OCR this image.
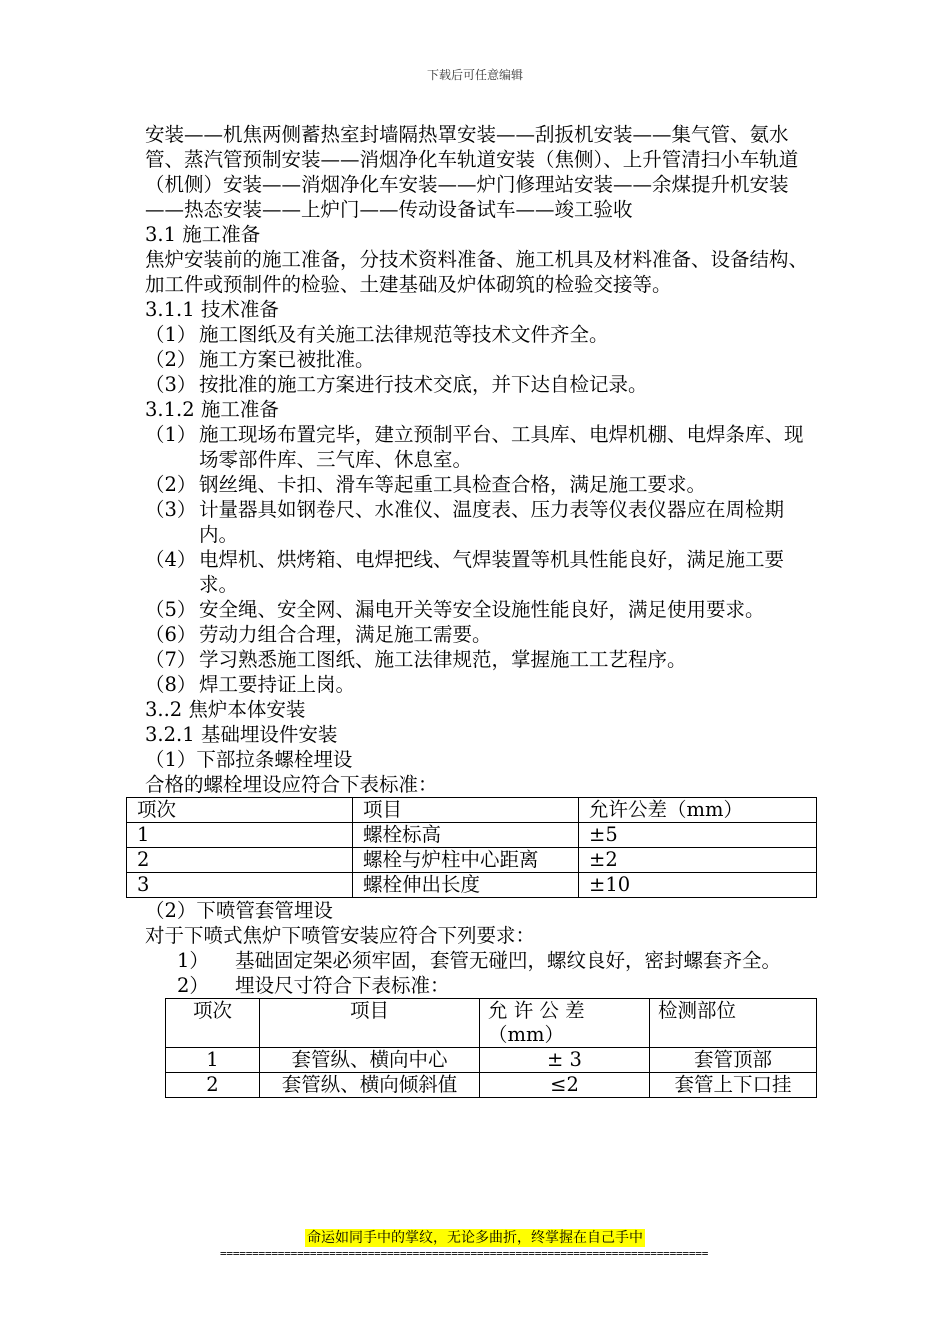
下载后可任意编辑

安装——机焦两侧蓄热室封墙隔热罩安装——刮扳机安装——集气管、氨水管、蒸汽管预制安装——消烟净化车轨道安装（焦侧）、上升管清扫小车轨道（机侧）安装——消烟净化车安装——炉门修理站安装——余煤提升机安装——热态安装——上炉门——传动设备试车——竣工验收

3.1 施工准备

焦炉安装前的施工准备，分技术资料准备、施工机具及材料准备、设备结构、加工件或预制件的检验、土建基础及炉体砌筑的检验交接等。

3.1.1 技术准备

（1） 施工图纸及有关施工法律规范等技术文件齐全。
（2） 施工方案已被批准。
（3） 按批准的施工方案进行技术交底，并下达自检记录。

3.1.2 施工准备

（1） 施工现场布置完毕，建立预制平台、工具库、电焊机棚、电焊条库、现场零部件库、三气库、休息室。
（2） 钢丝绳、卡扣、滑车等起重工具检查合格，满足施工要求。
（3） 计量器具如钢卷尺、水准仪、温度表、压力表等仪表仪器应在周检期内。
（4） 电焊机、烘烤箱、电焊把线、气焊装置等机具性能良好，满足施工要求。
（5） 安全绳、安全网、漏电开关等安全设施性能良好，满足使用要求。
（6） 劳动力组合合理，满足施工需要。
（7） 学习熟悉施工图纸、施工法律规范，掌握施工工艺程序。
（8） 焊工要持证上岗。

3..2 焦炉本体安装

3.2.1 基础埋设件安装

（1）下部拉条螺栓埋设

合格的螺栓埋设应符合下表标准：

项次	项目	允许公差（mm）
1	螺栓标高	±5
2	螺栓与炉柱中心距离	±2
3	螺栓伸出长度	±10

（2）下喷管套管埋设

对于下喷式焦炉下喷管安装应符合下列要求：

1）	基础固定架必须牢固，套管无碰凹，螺纹良好，密封螺套齐全。
2）	埋设尺寸符合下表标准：
项次	项目	允 许 公 差（mm）	检测部位
1	套管纵、横向中心	± 3	套管顶部
2	套管纵、横向倾斜值	≤2	套管上下口挂
命运如同手中的掌纹，无论多曲折，终掌握在自己手中
============================================================================
